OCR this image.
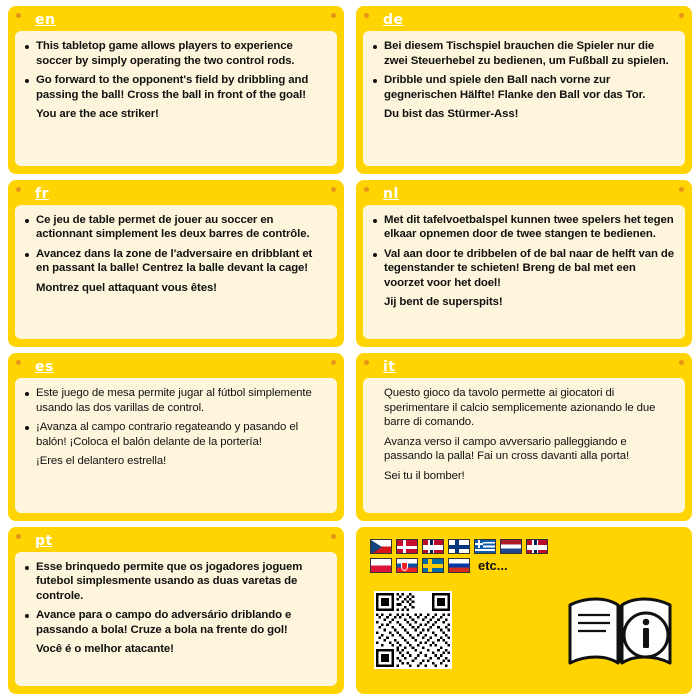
en
This tabletop game allows players to experience soccer by simply operating the two control rods.
Go forward to the opponent's field by dribbling and passing the ball! Cross the ball in front of the goal!
You are the ace striker!
de
Bei diesem Tischspiel brauchen die Spieler nur die zwei Steuerhebel zu bedienen, um Fußball zu spielen.
Dribble und spiele den Ball nach vorne zur gegnerischen Hälfte! Flanke den Ball vor das Tor.
Du bist das Stürmer-Ass!
fr
Ce jeu de table permet de jouer au soccer en actionnant simplement les deux barres de contrôle.
Avancez dans la zone de l'adversaire en dribblant et en passant la balle! Centrez la balle devant la cage!
Montrez quel attaquant vous êtes!
nl
Met dit tafelvoetbalspel kunnen twee spelers het tegen elkaar opnemen door de twee stangen te bedienen.
Val aan door te dribbelen of de bal naar de helft van de tegenstander te schieten! Breng de bal met een voorzet voor het doel!
Jij bent de superspits!
es
Este juego de mesa permite jugar al fútbol simplemente usando las dos varillas de control.
¡Avanza al campo contrario regateando y pasando el balón! ¡Coloca el balón delante de la portería!
¡Eres el delantero estrella!
it
Questo gioco da tavolo permette ai giocatori di sperimentare il calcio semplicemente azionando le due barre di comando.
Avanza verso il campo avversario palleggiando e passando la palla! Fai un cross davanti alla porta!
Sei tu il bomber!
pt
Esse brinquedo permite que os jogadores joguem futebol simplesmente usando as duas varetas de controle.
Avance para o campo do adversário driblando e passando a bola! Cruze a bola na frente do gol!
Você é o melhor atacante!
etc...
